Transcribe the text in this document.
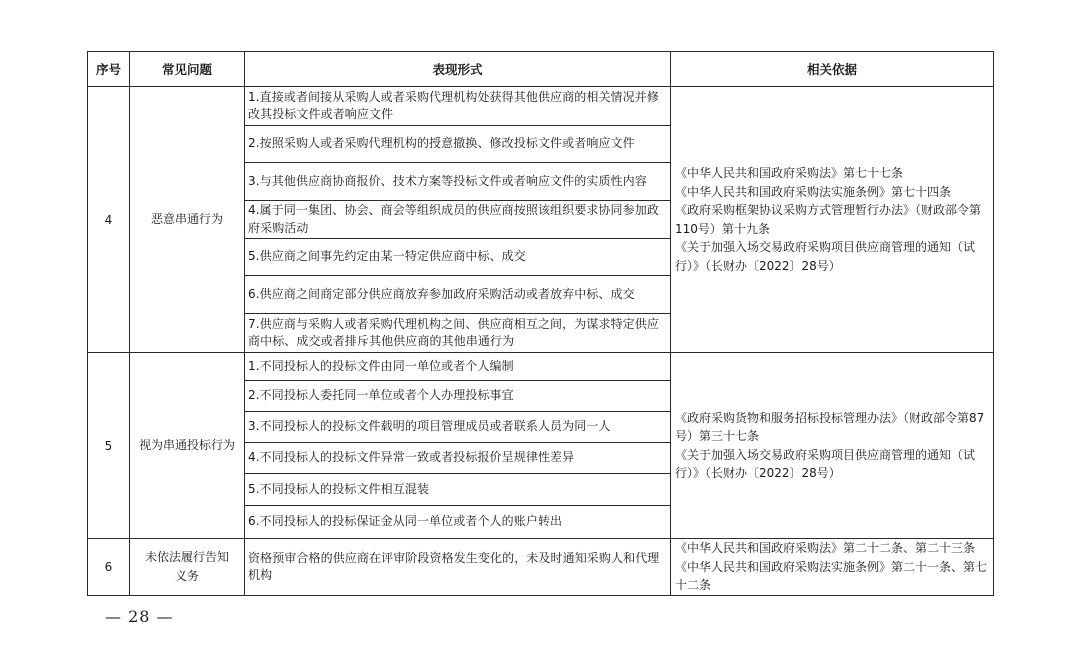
序号	常见问题	表现形式	相关依据
4	恶意串通行为	1.直接或者间接从采购人或者采购代理机构处获得其他供应商的相关情况并修改其投标文件或者响应文件	《中华人民共和国政府采购法》第七十七条
《中华人民共和国政府采购法实施条例》第七十四条
《政府采购框架协议采购方式管理暂行办法》（财政部令第110号）第十九条
《关于加强入场交易政府采购项目供应商管理的通知（试行）》（长财办〔2022〕28号）

		2.按照采购人或者采购代理机构的授意撤换、修改投标文件或者响应文件	
		3.与其他供应商协商报价、技术方案等投标文件或者响应文件的实质性内容	
		4.属于同一集团、协会、商会等组织成员的供应商按照该组织要求协同参加政府采购活动	
		5.供应商之间事先约定由某一特定供应商中标、成交	
		6.供应商之间商定部分供应商放弃参加政府采购活动或者放弃中标、成交	
		7.供应商与采购人或者采购代理机构之间、供应商相互之间，为谋求特定供应商中标、成交或者排斥其他供应商的其他串通行为	
5	视为串通投标行为	1.不同投标人的投标文件由同一单位或者个人编制	《政府采购货物和服务招标投标管理办法》（财政部令第87号）第三十七条
《关于加强入场交易政府采购项目供应商管理的通知（试行）》（长财办〔2022〕28号）

		2.不同投标人委托同一单位或者个人办理投标事宜	
		3.不同投标人的投标文件载明的项目管理成员或者联系人员为同一人	
		4.不同投标人的投标文件异常一致或者投标报价呈规律性差异	
		5.不同投标人的投标文件相互混装	
		6.不同投标人的投标保证金从同一单位或者个人的账户转出	
6	未依法履行告知义务	资格预审合格的供应商在评审阶段资格发生变化的，未及时通知采购人和代理机构	《中华人民共和国政府采购法》第二十二条、第二十三条
《中华人民共和国政府采购法实施条例》第二十一条、第七十二条
— 28 —
